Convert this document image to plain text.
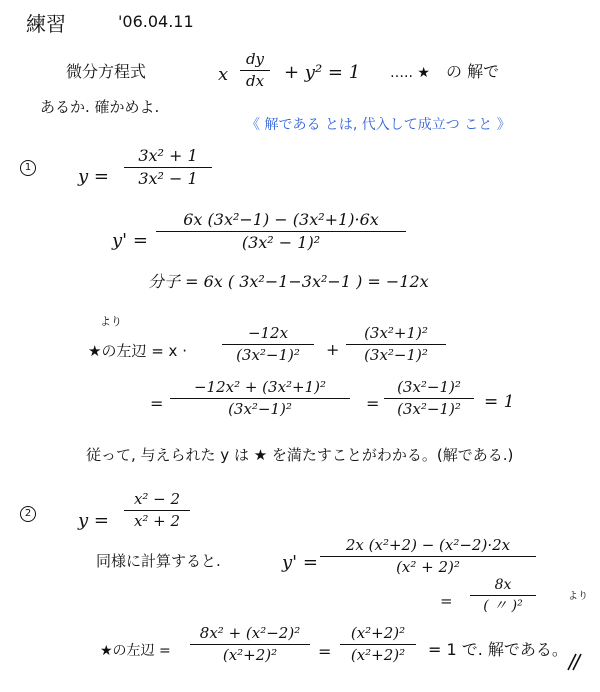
練習	'06.04.11
微分方程式	x
dy
dx	+ y² = 1 ….. ★ の 解で
あるか. 確かめよ.
《 解である とは, 代入して成立つ こと 》
1	y =
3x² + 1
3x² − 1
y' =
6x (3x²−1) − (3x²+1)·6x
(3x² − 1)²
分子 = 6x ( 3x²−1−3x²−1 ) = −12x
より
★の左辺 = x ·
−12x
(3x²−1)²	+
(3x²+1)²
(3x²−1)²
=
−12x² + (3x²+1)²
(3x²−1)²	=
(3x²−1)²
(3x²−1)²	= 1
従って, 与えられた y は ★ を満たすことがわかる。(解である.)
2	y =
x² − 2
x² + 2
同様に計算すると.	y' =
2x (x²+2) − (x²−2)·2x
(x² + 2)²
=
8x
( 〃 )²
より
★の左辺 =
8x² + (x²−2)²
(x²+2)²	=
(x²+2)²
(x²+2)²	= 1 で. 解である。
